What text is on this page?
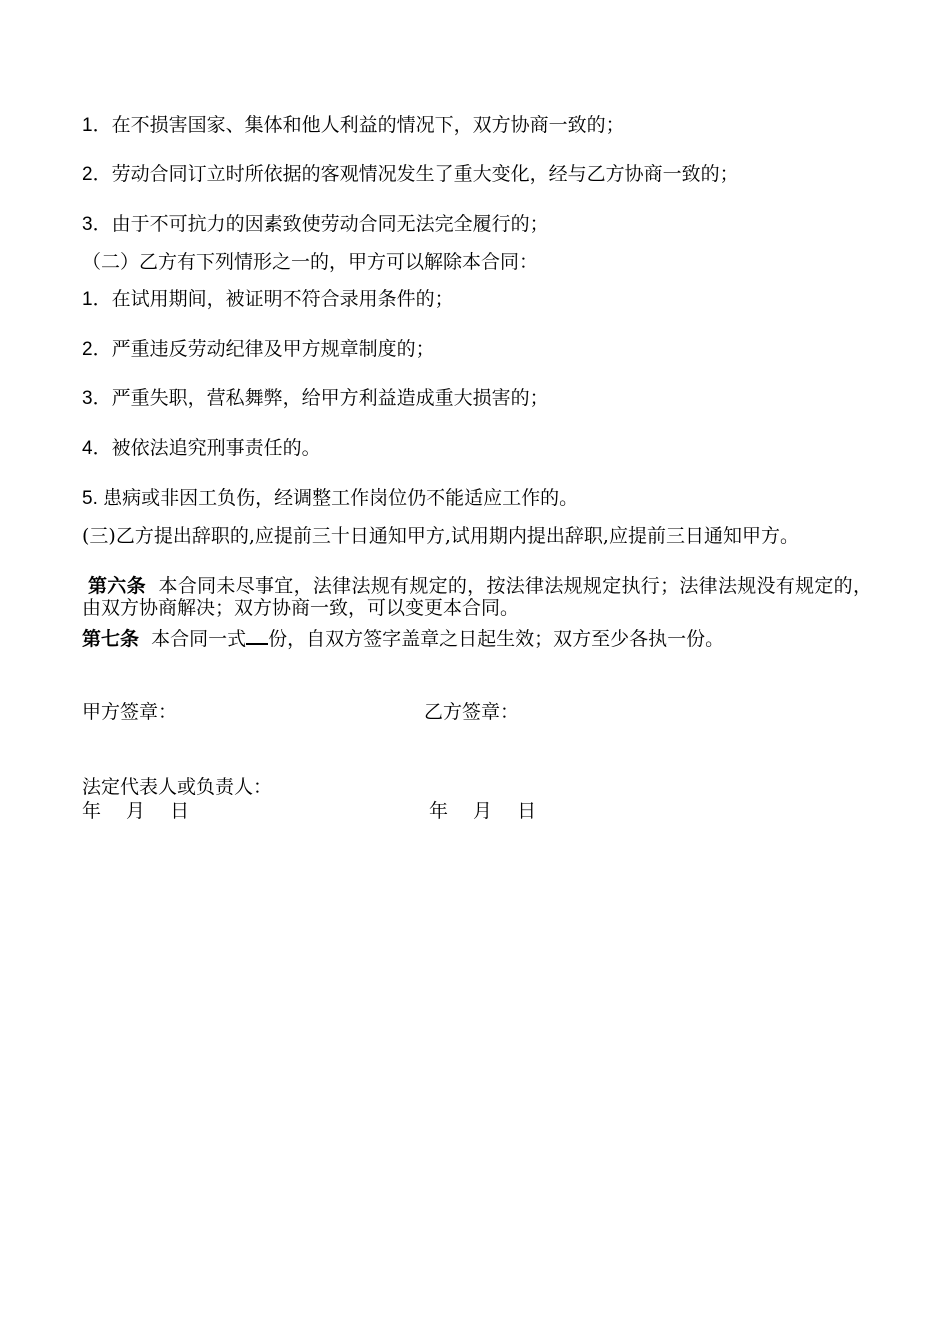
1．在不损害国家、集体和他人利益的情况下，双方协商一致的；
2．劳动合同订立时所依据的客观情况发生了重大变化，经与乙方协商一致的；
3．由于不可抗力的因素致使劳动合同无法完全履行的；
（二）乙方有下列情形之一的，甲方可以解除本合同：
1．在试用期间，被证明不符合录用条件的；
2．严重违反劳动纪律及甲方规章制度的；
3．严重失职，营私舞弊，给甲方利益造成重大损害的；
4．被依法追究刑事责任的。
5. 患病或非因工负伤，经调整工作岗位仍不能适应工作的。
(三)乙方提出辞职的,应提前三十日通知甲方,试用期内提出辞职,应提前三日通知甲方。
第六条 本合同未尽事宜，法律法规有规定的，按法律法规规定执行；法律法规没有规定的，由双方协商解决；双方协商一致，可以变更本合同。
第七条 本合同一式 份，自双方签字盖章之日起生效；双方至少各执一份。
甲方签章：	乙方签章：
法定代表人或负责人：
年　 月　 日	年　 月　 日
